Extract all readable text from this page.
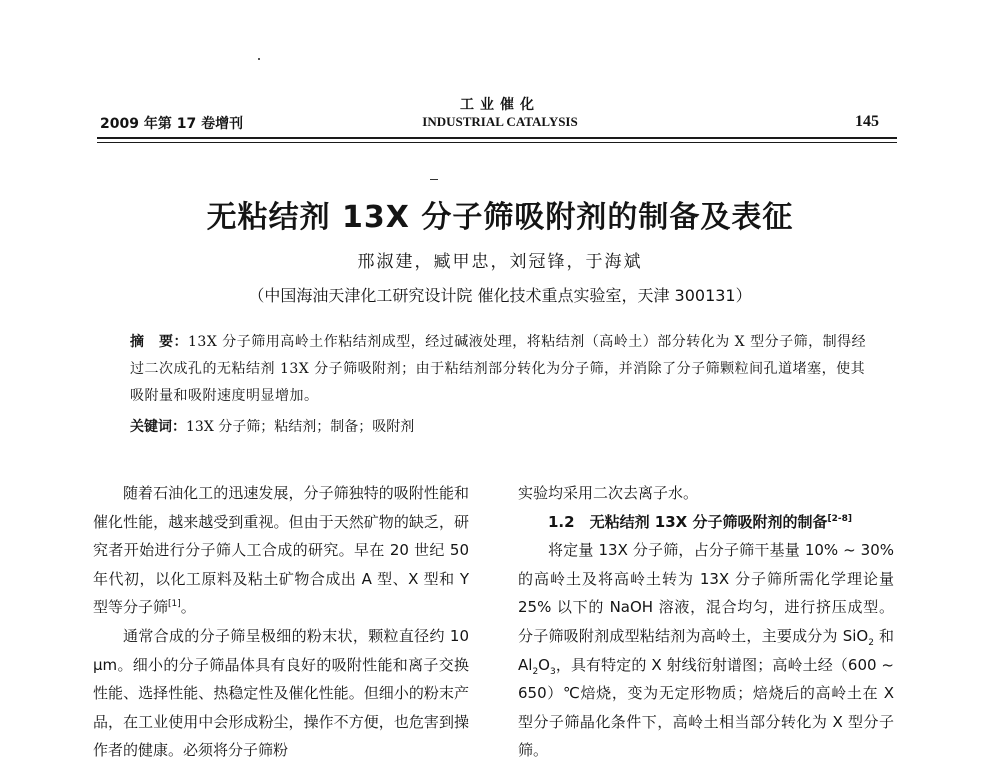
2009 年第 17 卷增刊
工业催化
INDUSTRIAL CATALYSIS	145
无粘结剂 13X 分子筛吸附剂的制备及表征
邢淑建，臧甲忠，刘冠锋，于海斌
（中国海油天津化工研究设计院 催化技术重点实验室，天津 300131）
摘　要：13X 分子筛用高岭土作粘结剂成型，经过碱液处理，将粘结剂（高岭土）部分转化为 X 型分子筛，制得经过二次成孔的无粘结剂 13X 分子筛吸附剂；由于粘结剂部分转化为分子筛，并消除了分子筛颗粒间孔道堵塞，使其吸附量和吸附速度明显增加。
关键词：13X 分子筛；粘结剂；制备；吸附剂

随着石油化工的迅速发展，分子筛独特的吸附性能和催化性能，越来越受到重视。但由于天然矿物的缺乏，研究者开始进行分子筛人工合成的研究。早在 20 世纪 50 年代初，以化工原料及粘土矿物合成出 A 型、X 型和 Y 型等分子筛[1]。

通常合成的分子筛呈极细的粉末状，颗粒直径约 10 μm。细小的分子筛晶体具有良好的吸附性能和离子交换性能、选择性能、热稳定性及催化性能。但细小的粉末产品，在工业使用中会形成粉尘，操作不方便，也危害到操作者的健康。必须将分子筛粉

实验均采用二次去离子水。

1.2　无粘结剂 13X 分子筛吸附剂的制备[2-8]

将定量 13X 分子筛，占分子筛干基量 10% ~ 30% 的高岭土及将高岭土转为 13X 分子筛所需化学理论量 25% 以下的 NaOH 溶液，混合均匀，进行挤压成型。分子筛吸附剂成型粘结剂为高岭土，主要成分为 SiO$_2$ 和 $Al_2O_3$，具有特定的 X 射线衍射谱图；高岭土经（600 ~ 650）℃焙烧，变为无定形物质；焙烧后的高岭土在 X 型分子筛晶化条件下，高岭土相当部分转化为 X 型分子筛。
